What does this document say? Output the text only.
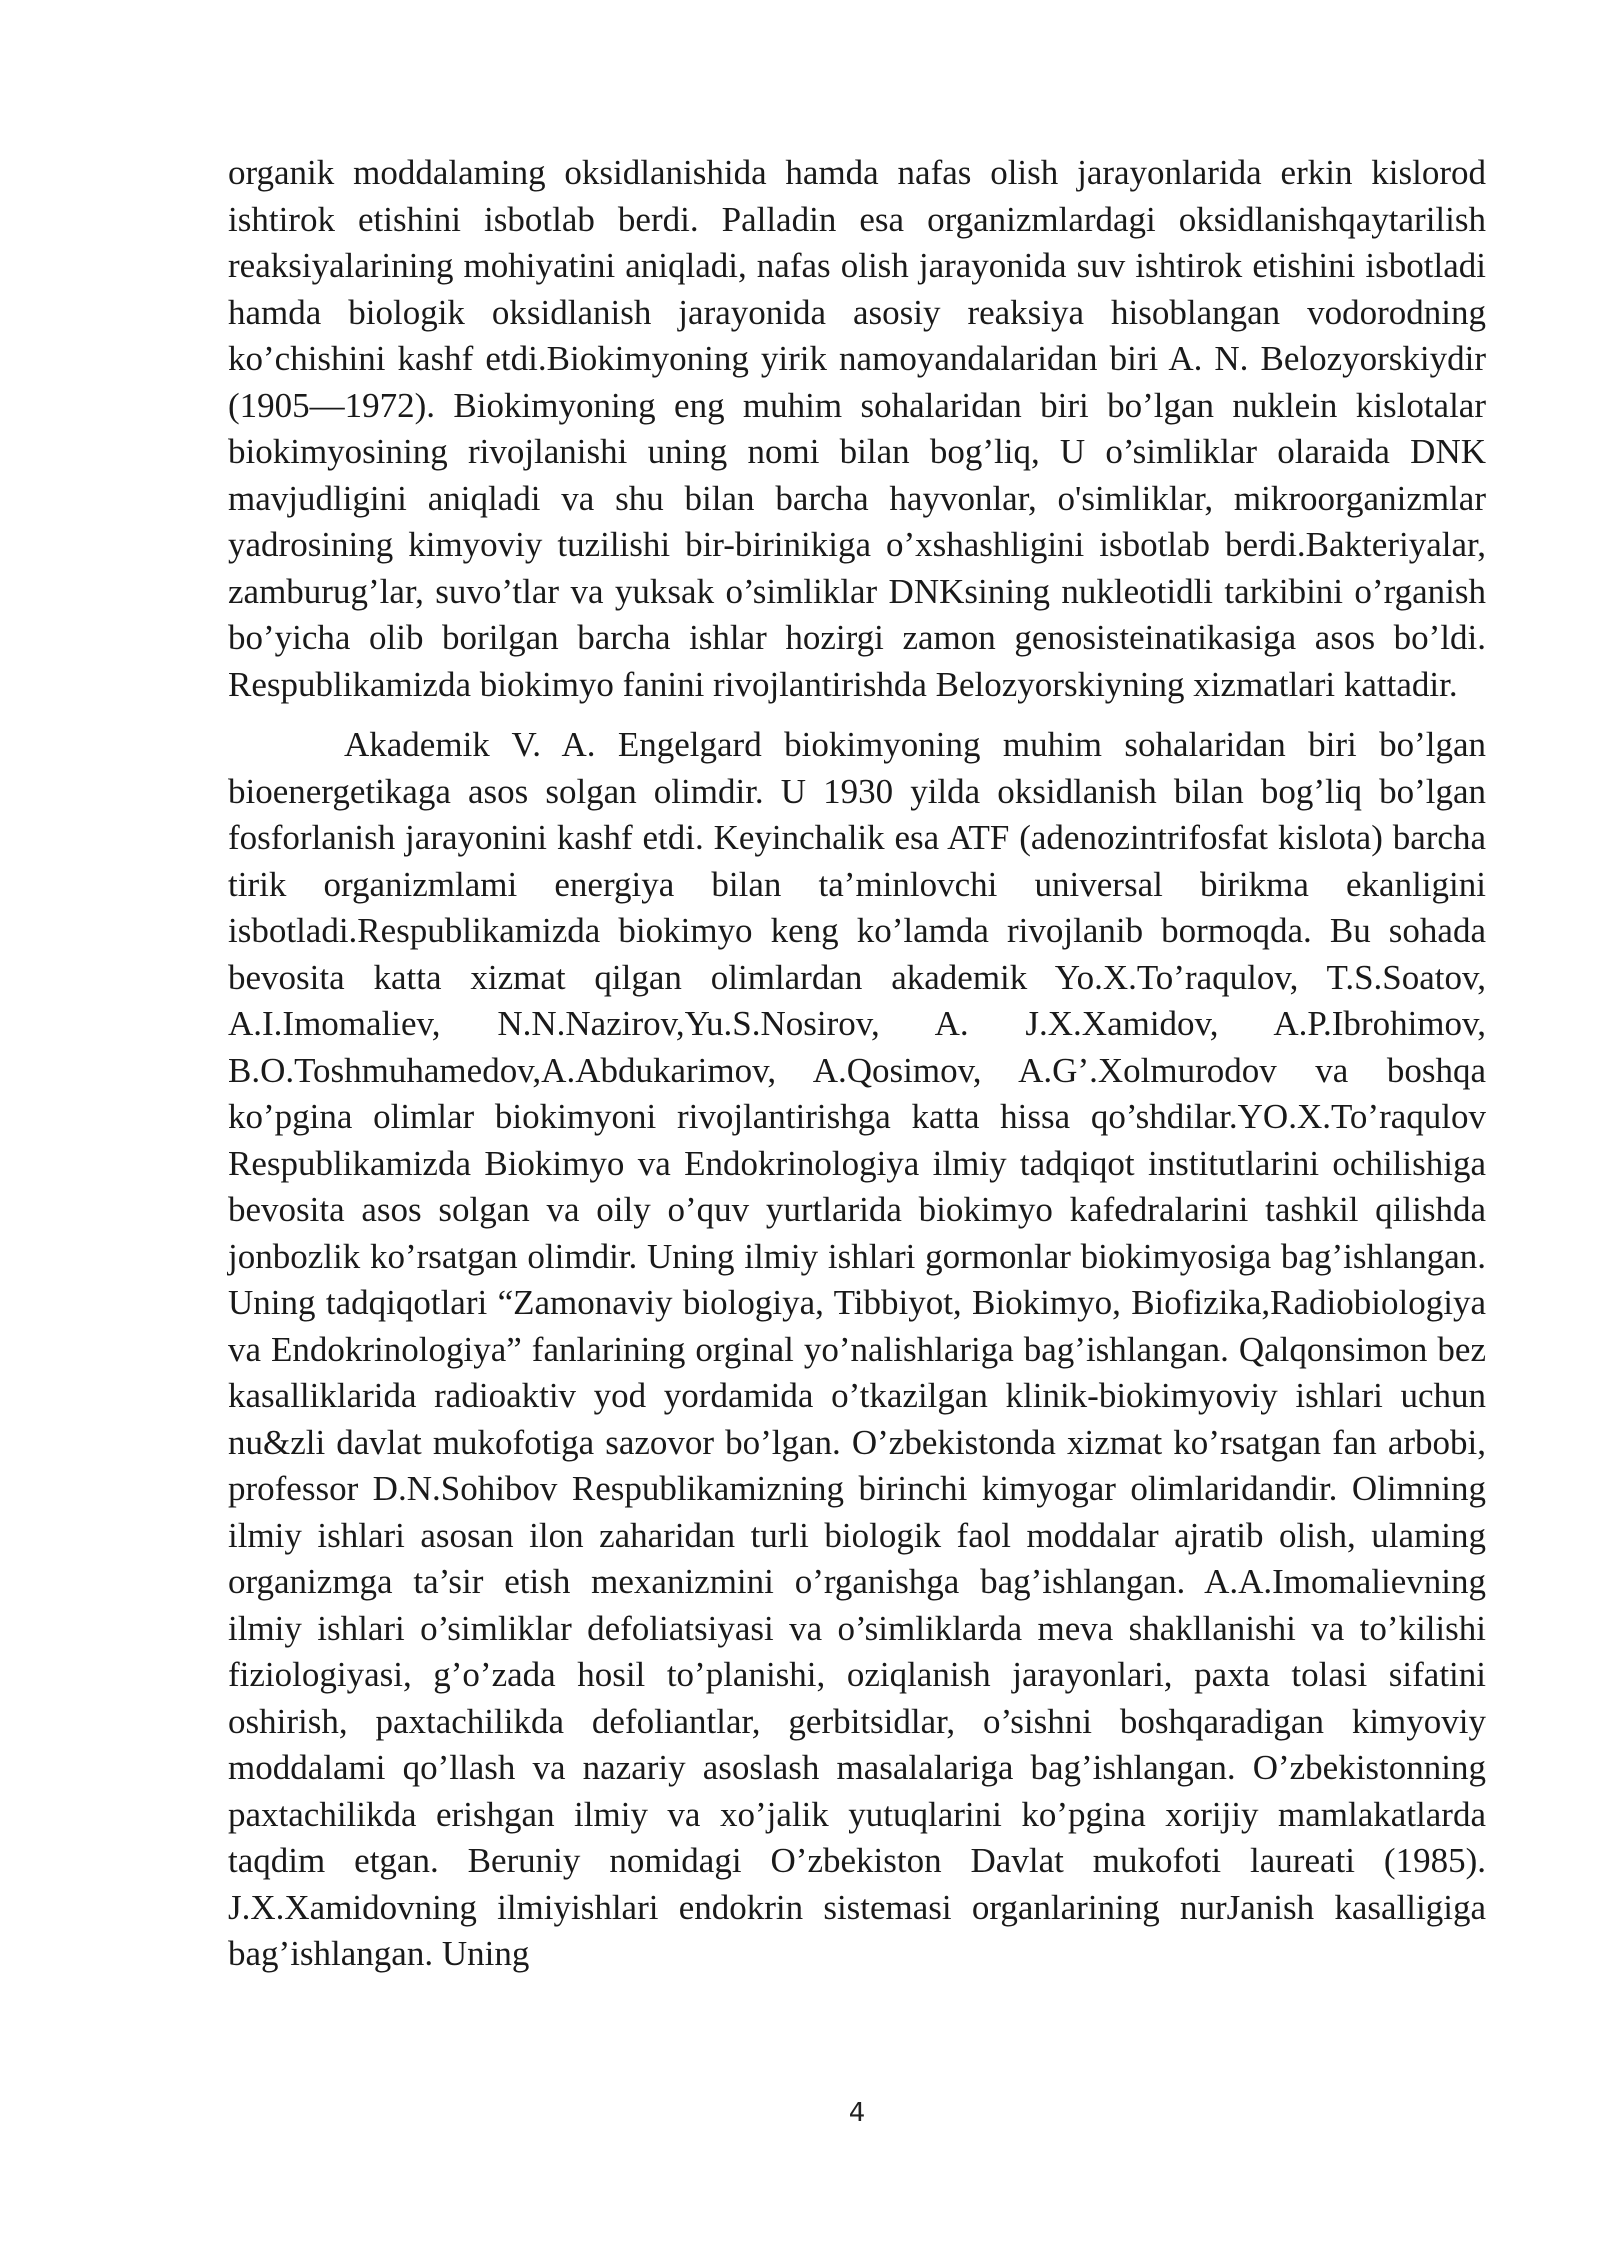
organik moddalaming oksidlanishida hamda nafas olish jarayonlarida erkin kislorod ishtirok etishini isbotlab berdi. Palladin esa organizmlardagi oksidlanishqaytarilish reaksiyalarining mohiyatini aniqladi, nafas olish jarayonida suv ishtirok etishini isbotladi hamda biologik oksidlanish jarayonida asosiy reaksiya hisoblangan vodorodning ko’chishini kashf etdi.Biokimyoning yirik namoyandalaridan biri A. N. Belozyorskiydir (1905—1972). Biokimyoning eng muhim sohalaridan biri bo’lgan nuklein kislotalar biokimyosining rivojlanishi uning nomi bilan bog’liq, U o’simliklar olaraida DNK mavjudligini aniqladi va shu bilan barcha hayvonlar, o'simliklar, mikroorganizmlar yadrosining kimyoviy tuzilishi bir-birinikiga o’xshashligini isbotlab berdi.Bakteriyalar, zamburug’lar, suvo’tlar va yuksak o’simliklar DNKsining nukleotidli tarkibini o’rganish bo’yicha olib borilgan barcha ishlar hozirgi zamon genosisteinatikasiga asos bo’ldi. Respublikamizda biokimyo fanini rivojlantirishda Belozyorskiyning xizmatlari kattadir.

Akademik V. A. Engelgard biokimyoning muhim sohalaridan biri bo’lgan bioenergetikaga asos solgan olimdir. U 1930 yilda oksidlanish bilan bog’liq bo’lgan fosforlanish jarayonini kashf etdi. Keyinchalik esa ATF (adenozintrifosfat kislota) barcha tirik organizmlami energiya bilan ta’minlovchi universal birikma ekanligini isbotladi.Respublikamizda biokimyo keng ko’lamda rivojlanib bormoqda. Bu sohada bevosita katta xizmat qilgan olimlardan akademik Yo.X.To’raqulov, T.S.Soatov, A.I.Imomaliev, N.N.Nazirov,Yu.S.Nosirov, A. J.X.Xamidov, A.P.Ibrohimov, B.O.Toshmuhamedov,A.Abdukarimov, A.Qosimov, A.G’.Xolmurodov va boshqa ko’pgina olimlar biokimyoni rivojlantirishga katta hissa qo’shdilar.YO.X.To’raqulov Respublikamizda Biokimyo va Endokrinologiya ilmiy tadqiqot institutlarini ochilishiga bevosita asos solgan va oily o’quv yurtlarida biokimyo kafedralarini tashkil qilishda jonbozlik ko’rsatgan olimdir. Uning ilmiy ishlari gormonlar biokimyosiga bag’ishlangan. Uning tadqiqotlari “Zamonaviy biologiya, Tibbiyot, Biokimyo, Biofizika,Radiobiologiya va Endokrinologiya” fanlarining orginal yo’nalishlariga bag’ishlangan. Qalqonsimon bez kasalliklarida radioaktiv yod yordamida o’tkazilgan klinik-biokimyoviy ishlari uchun nu&zli davlat mukofotiga sazovor bo’lgan. O’zbekistonda xizmat ko’rsatgan fan arbobi, professor D.N.Sohibov Respublikamizning birinchi kimyogar olimlaridandir. Olimning ilmiy ishlari asosan ilon zaharidan turli biologik faol moddalar ajratib olish, ulaming organizmga ta’sir etish mexanizmini o’rganishga bag’ishlangan. A.A.Imomalievning ilmiy ishlari o’simliklar defoliatsiyasi va o’simliklarda meva shakllanishi va to’kilishi fiziologiyasi, g’o’zada hosil to’planishi, oziqlanish jarayonlari, paxta tolasi sifatini oshirish, paxtachilikda defoliantlar, gerbitsidlar, o’sishni boshqaradigan kimyoviy moddalami qo’llash va nazariy asoslash masalalariga bag’ishlangan. O’zbekistonning paxtachilikda erishgan ilmiy va xo’jalik yutuqlarini ko’pgina xorijiy mamlakatlarda taqdim etgan. Beruniy nomidagi O’zbekiston Davlat mukofoti laureati (1985). J.X.Xamidovning ilmiyishlari endokrin sistemasi organlarining nurJanish kasalligiga bag’ishlangan. Uning

4
